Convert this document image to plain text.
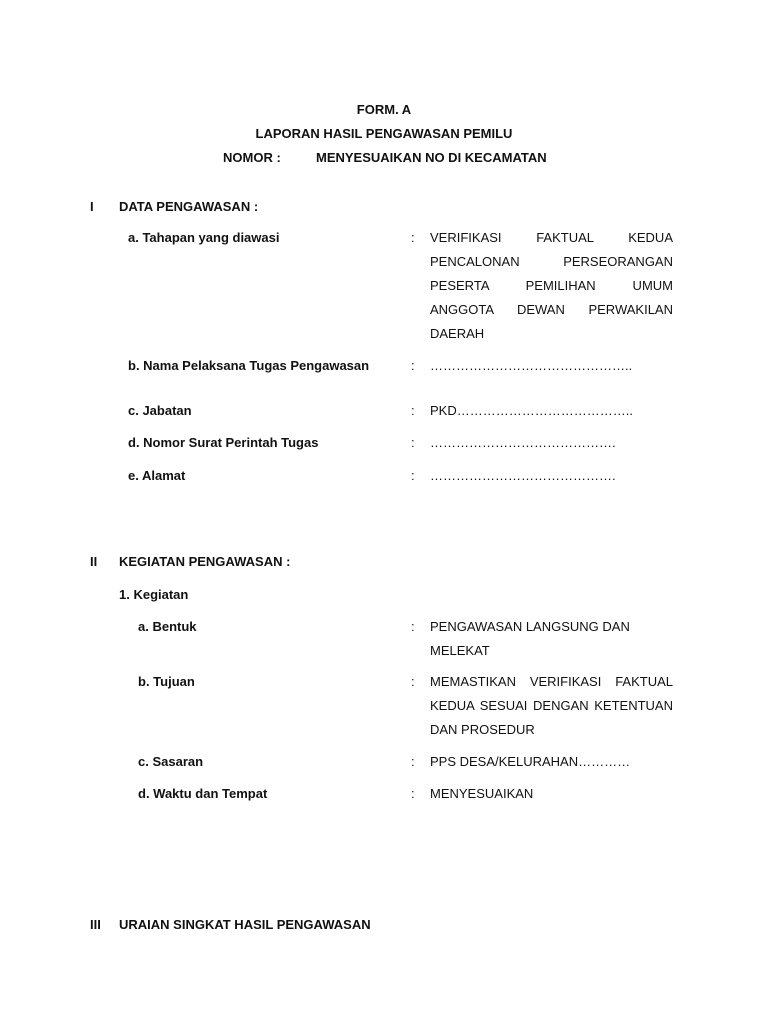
FORM. A
LAPORAN HASIL PENGAWASAN PEMILU
NOMOR :	MENYESUAIKAN NO DI KECAMATAN
I DATA PENGAWASAN :
a. Tahapan yang diawasi	: VERIFIKASI FAKTUAL KEDUA
PENCALONAN PERSEORANGAN
PESERTA PEMILIHAN UMUM
ANGGOTA DEWAN PERWAKILAN
DAERAH
b. Nama Pelaksana Tugas Pengawasan	: ………………………………………..
c. Jabatan	: PKD…………………………………..
d. Nomor Surat Perintah Tugas	: …………………………………….
e. Alamat	: …………………………………….
II KEGIATAN PENGAWASAN :
1. Kegiatan
a. Bentuk	: PENGAWASAN LANGSUNG DAN
MELEKAT
b. Tujuan	: MEMASTIKAN VERIFIKASI FAKTUAL
KEDUA SESUAI DENGAN KETENTUAN
DAN PROSEDUR
c. Sasaran	: PPS DESA/KELURAHAN…………
d. Waktu dan Tempat	: MENYESUAIKAN
III URAIAN SINGKAT HASIL PENGAWASAN
